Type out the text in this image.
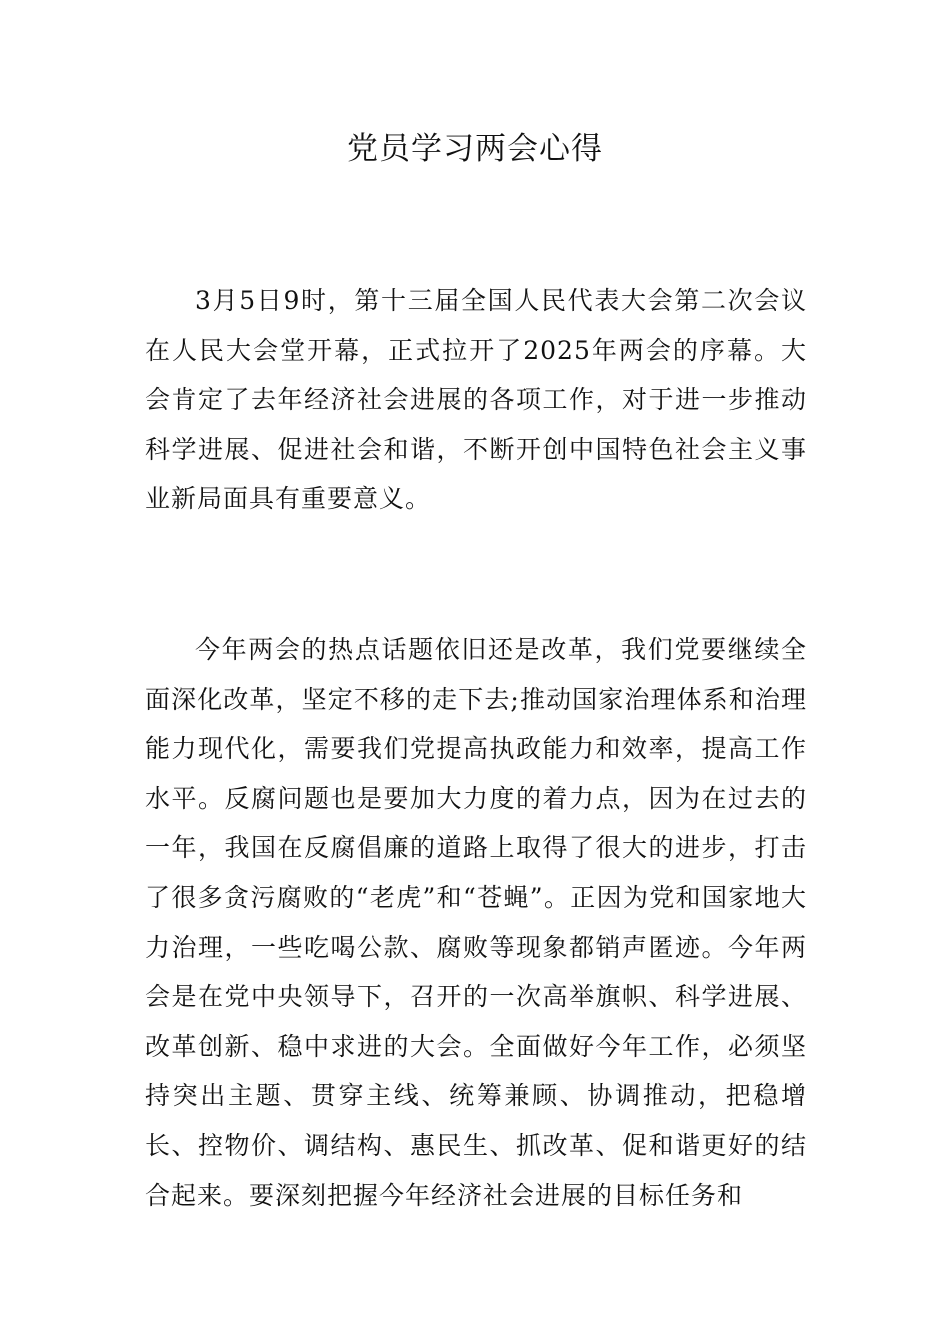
党员学习两会心得

3月5日9时，第十三届全国人民代表大会第二次会议在人民大会堂开幕，正式拉开了2025年两会的序幕。大会肯定了去年经济社会进展的各项工作，对于进一步推动科学进展、促进社会和谐，不断开创中国特色社会主义事业新局面具有重要意义。

今年两会的热点话题依旧还是改革，我们党要继续全面深化改革，坚定不移的走下去;推动国家治理体系和治理能力现代化，需要我们党提高执政能力和效率，提高工作水平。反腐问题也是要加大力度的着力点，因为在过去的一年，我国在反腐倡廉的道路上取得了很大的进步，打击了很多贪污腐败的“老虎”和“苍蝇”。正因为党和国家地大力治理，一些吃喝公款、腐败等现象都销声匿迹。今年两会是在党中央领导下，召开的一次高举旗帜、科学进展、改革创新、稳中求进的大会。全面做好今年工作，必须坚持突出主题、贯穿主线、统筹兼顾、协调推动，把稳增长、控物价、调结构、惠民生、抓改革、促和谐更好的结合起来。要深刻把握今年经济社会进展的目标任务和
